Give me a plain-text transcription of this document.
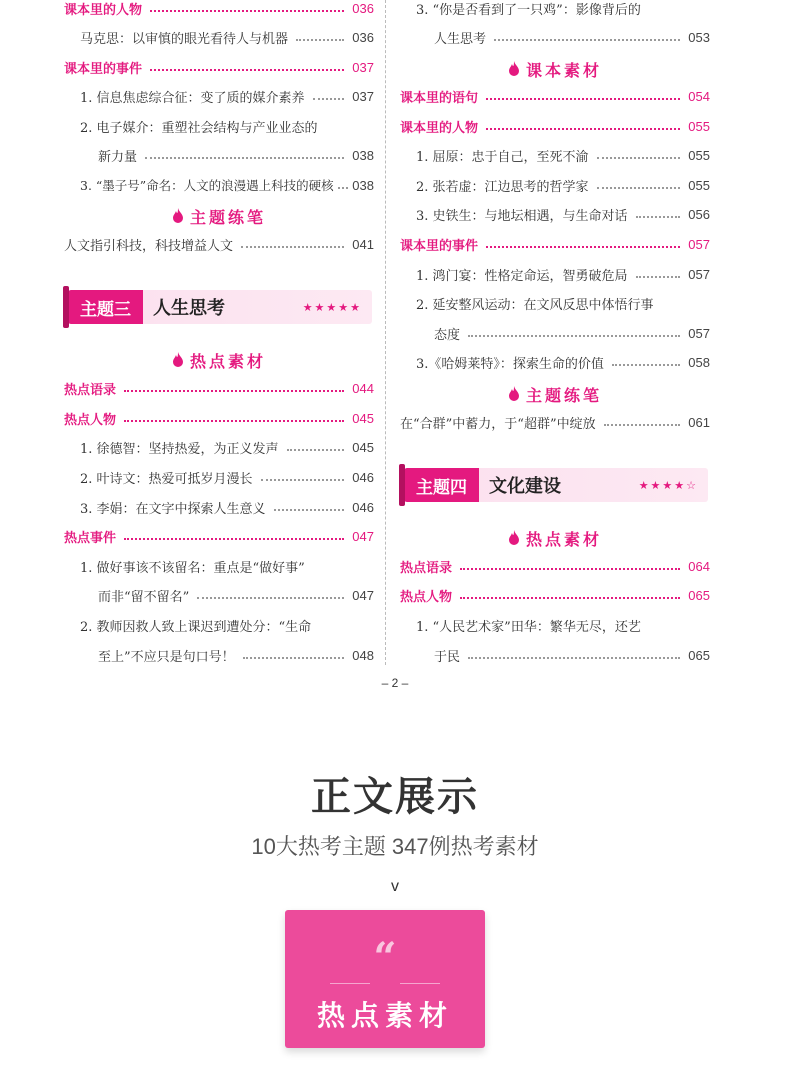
课本里的人物	036
马克思：以审慎的眼光看待人与机器	036
课本里的事件	037
1. 信息焦虑综合征：变了质的媒介素养	037
2. 电子媒介：重塑社会结构与产业业态的
新力量	038
3. “墨子号”命名：人文的浪漫遇上科技的硬核 038
主题练笔
人文指引科技，科技增益人文	041
主题三	人生思考	★★★★★
热点素材
热点语录	044
热点人物	045
1. 徐德智：坚持热爱，为正义发声	045
2. 叶诗文：热爱可抵岁月漫长	046
3. 李娟：在文字中探索人生意义	046
热点事件	047
1. 做好事该不该留名：重点是“做好事”
而非“留不留名”	047
2. 教师因救人致上课迟到遭处分：“生命
至上”不应只是句口号！	048
3. “你是否看到了一只鸡”：影像背后的
人生思考	053
课本素材
课本里的语句	054
课本里的人物	055
1. 屈原：忠于自己，至死不渝	055
2. 张若虚：江边思考的哲学家	055
3. 史铁生：与地坛相遇，与生命对话	056
课本里的事件	057
1. 鸿门宴：性格定命运，智勇破危局	057
2. 延安整风运动：在文风反思中体悟行事
态度	057
3.《哈姆莱特》：探索生命的价值	058
主题练笔
在“合群”中蓄力，于“超群”中绽放	061
主题四	文化建设	★★★★☆
热点素材
热点语录	064
热点人物	065
1. “人民艺术家”田华：繁华无尽，还艺
于民	065
– 2 –
正文展示
10大热考主题 347例热考素材
v
“
热点素材
